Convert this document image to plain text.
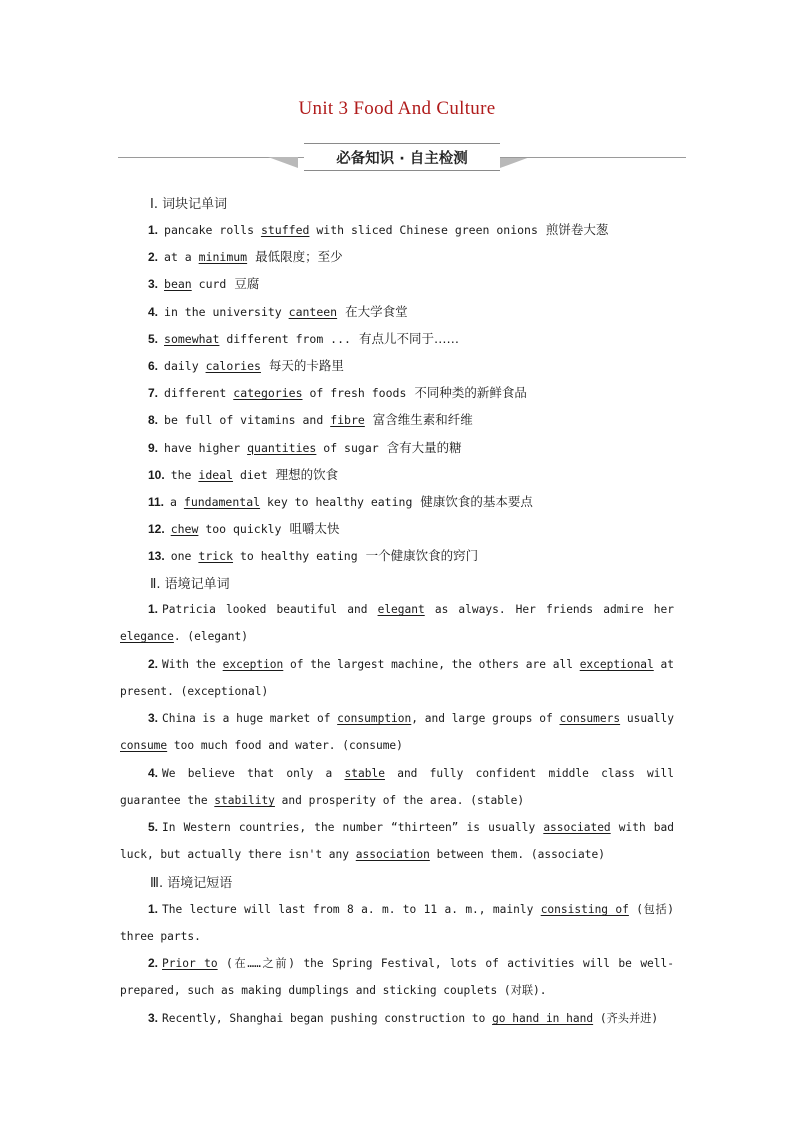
Unit 3 Food And Culture
必备知识 · 自主检测
Ⅰ. 词块记单词
1. pancake rolls stuffed with sliced Chinese green onions 煎饼卷大葱
2. at a minimum 最低限度；至少
3. bean curd 豆腐
4. in the university canteen 在大学食堂
5. somewhat different from ... 有点儿不同于……
6. daily calories 每天的卡路里
7. different categories of fresh foods 不同种类的新鲜食品
8. be full of vitamins and fibre 富含维生素和纤维
9. have higher quantities of sugar 含有大量的糖
10. the ideal diet 理想的饮食
11. a fundamental key to healthy eating 健康饮食的基本要点
12. chew too quickly 咀嚼太快
13. one trick to healthy eating 一个健康饮食的窍门
Ⅱ. 语境记单词
1. Patricia looked beautiful and elegant as always. Her friends admire her elegance. (elegant)
2. With the exception of the largest machine, the others are all exceptional at present. (exceptional)
3. China is a huge market of consumption, and large groups of consumers usually consume too much food and water. (consume)
4. We believe that only a stable and fully confident middle class will guarantee the stability and prosperity of the area. (stable)
5. In Western countries, the number “thirteen” is usually associated with bad luck, but actually there isn't any association between them. (associate)
Ⅲ. 语境记短语
1. The lecture will last from 8 a. m. to 11 a. m., mainly consisting of (包括) three parts.
2. Prior to (在……之前) the Spring Festival, lots of activities will be well-prepared, such as making dumplings and sticking couplets (对联).
3. Recently, Shanghai began pushing construction to go hand in hand (齐头并进)
